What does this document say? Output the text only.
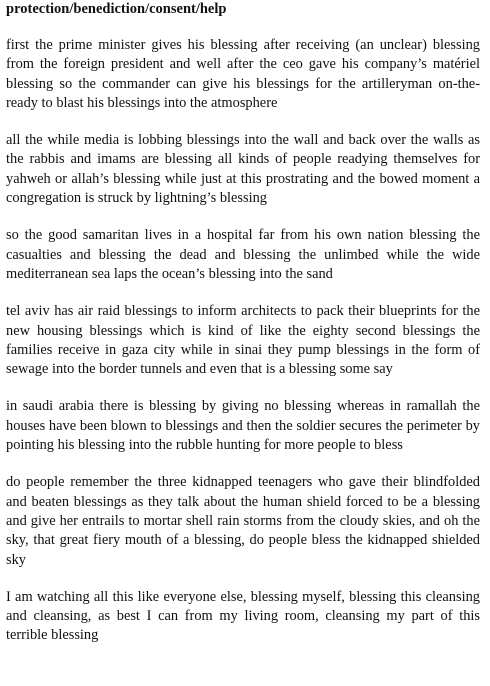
protection/benediction/consent/help

first the prime minister gives his blessing after receiving (an unclear) blessing from the foreign president and well after the ceo gave his company’s matériel blessing so the commander can give his blessings for the artilleryman on-the-ready to blast his blessings into the atmosphere

all the while media is lobbing blessings into the wall and back over the walls as the rabbis and imams are blessing all kinds of people readying themselves for yahweh or allah’s blessing while just at this prostrating and the bowed moment a congregation is struck by lightning’s blessing

so the good samaritan lives in a hospital far from his own nation blessing the casualties and blessing the dead and blessing the unlimbed while the wide mediterranean sea laps the ocean’s blessing into the sand

tel aviv has air raid blessings to inform architects to pack their blueprints for the new housing blessings which is kind of like the eighty second blessings the families receive in gaza city while in sinai they pump blessings in the form of sewage into the border tunnels and even that is a blessing some say

in saudi arabia there is blessing by giving no blessing whereas in ramallah the houses have been blown to blessings and then the soldier secures the perimeter by pointing his blessing into the rubble hunting for more people to bless

do people remember the three kidnapped teenagers who gave their blindfolded and beaten blessings as they talk about the human shield forced to be a blessing and give her entrails to mortar shell rain storms from the cloudy skies, and oh the sky, that great fiery mouth of a blessing, do people bless the kidnapped shielded sky

I am watching all this like everyone else, blessing myself, blessing this cleansing and cleansing, as best I can from my living room, cleansing my part of this terrible blessing
